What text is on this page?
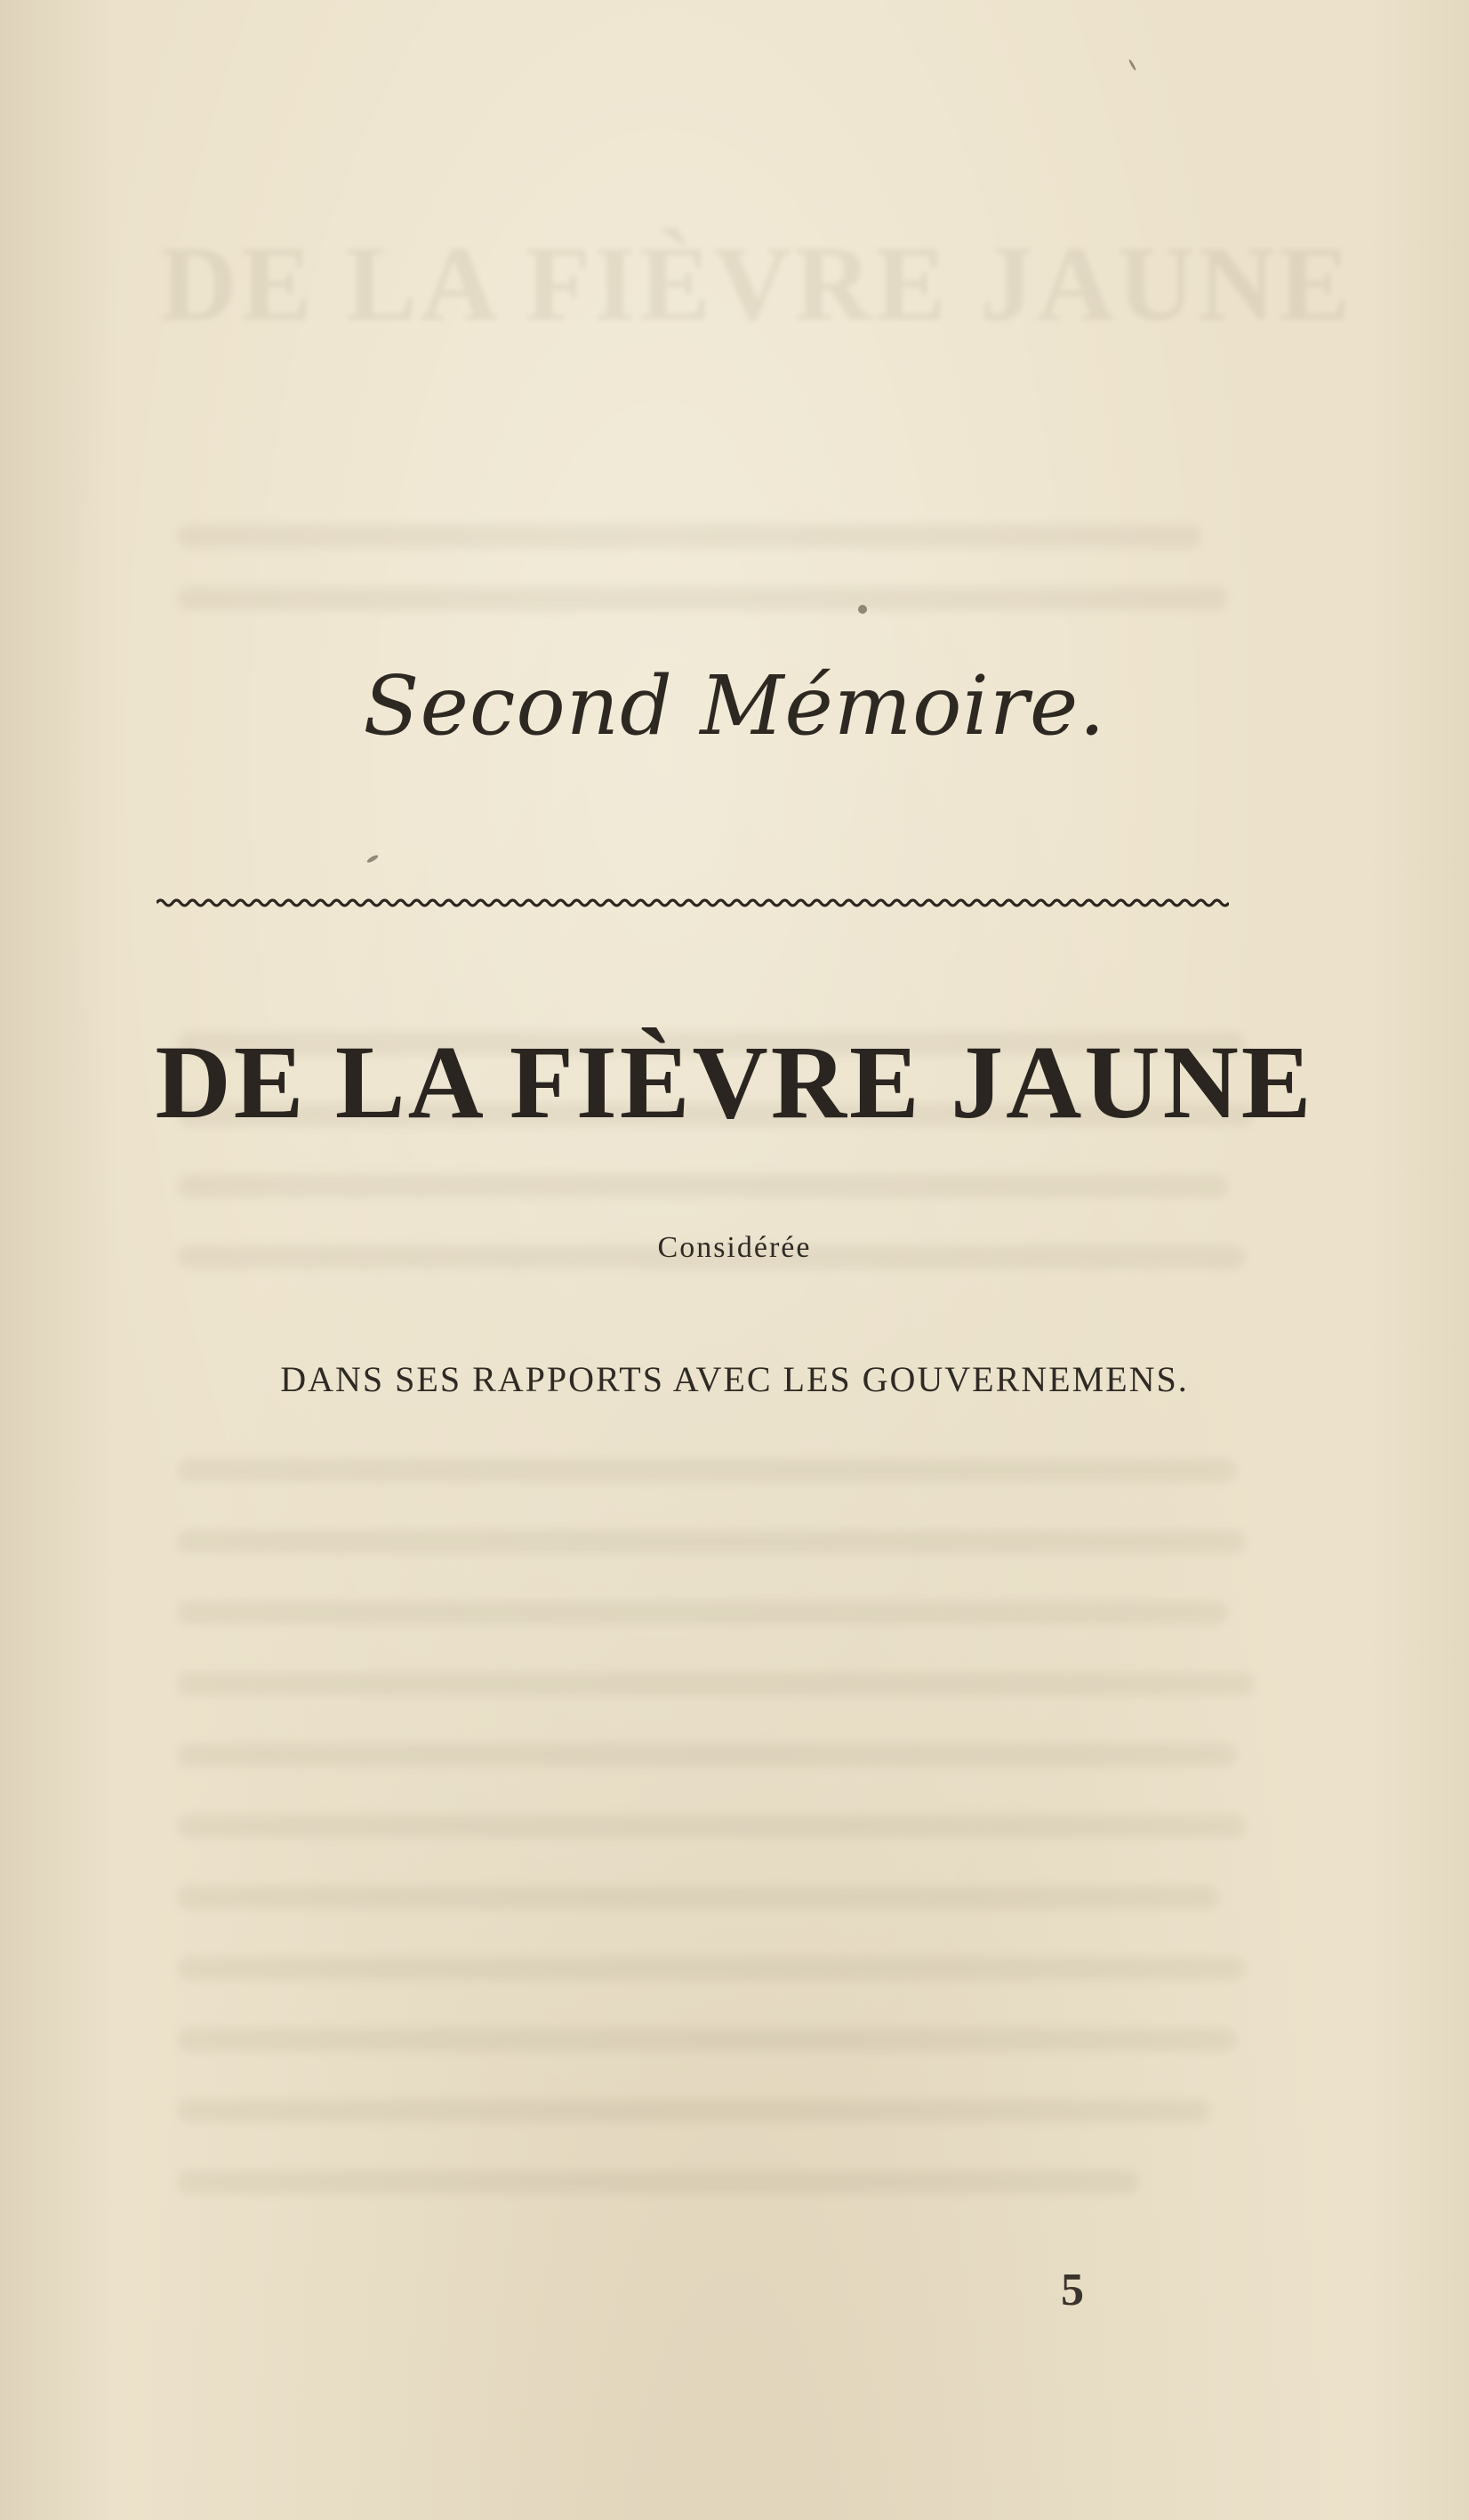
DE LA FIÈVRE JAUNE
Second Mémoire.
DE LA FIÈVRE JAUNE
Considérée
DANS SES RAPPORTS AVEC LES GOUVERNEMENS.
5
